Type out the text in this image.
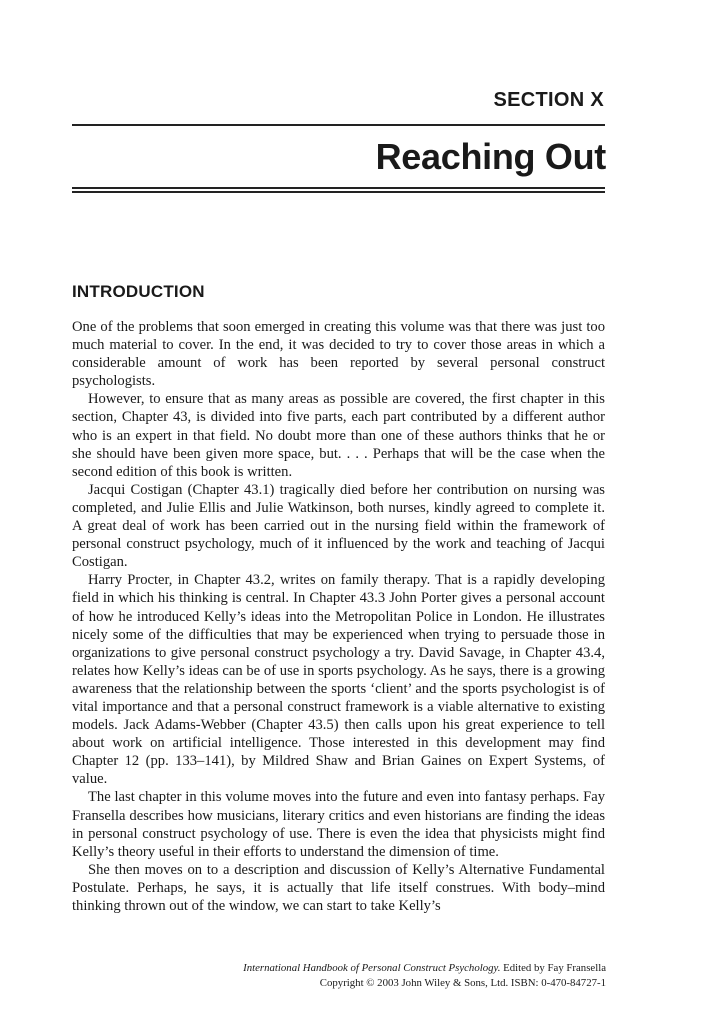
SECTION X
Reaching Out
INTRODUCTION

One of the problems that soon emerged in creating this volume was that there was just too much material to cover. In the end, it was decided to try to cover those areas in which a considerable amount of work has been reported by several personal construct psychologists.

However, to ensure that as many areas as possible are covered, the first chapter in this section, Chapter 43, is divided into five parts, each part contributed by a different author who is an expert in that field. No doubt more than one of these authors thinks that he or she should have been given more space, but. . . . Perhaps that will be the case when the second edition of this book is written.

Jacqui Costigan (Chapter 43.1) tragically died before her contribution on nursing was completed, and Julie Ellis and Julie Watkinson, both nurses, kindly agreed to complete it. A great deal of work has been carried out in the nursing field within the framework of personal construct psychology, much of it influenced by the work and teaching of Jacqui Costigan.

Harry Procter, in Chapter 43.2, writes on family therapy. That is a rapidly developing field in which his thinking is central. In Chapter 43.3 John Porter gives a personal account of how he introduced Kelly’s ideas into the Metropolitan Police in London. He illustrates nicely some of the difficulties that may be experienced when trying to persuade those in organizations to give personal construct psychology a try. David Savage, in Chapter 43.4, relates how Kelly’s ideas can be of use in sports psychology. As he says, there is a growing awareness that the relationship between the sports ‘client’ and the sports psychologist is of vital importance and that a personal construct framework is a viable alternative to existing models. Jack Adams-Webber (Chapter 43.5) then calls upon his great experience to tell about work on artificial intelligence. Those interested in this development may find Chapter 12 (pp. 133–141), by Mildred Shaw and Brian Gaines on Expert Systems, of value.

The last chapter in this volume moves into the future and even into fantasy perhaps. Fay Fransella describes how musicians, literary critics and even historians are finding the ideas in personal construct psychology of use. There is even the idea that physicists might find Kelly’s theory useful in their efforts to understand the dimension of time.

She then moves on to a description and discussion of Kelly’s Alternative Fundamental Postulate. Perhaps, he says, it is actually that life itself construes. With body–mind thinking thrown out of the window, we can start to take Kelly’s

International Handbook of Personal Construct Psychology. Edited by Fay Fransella
Copyright © 2003 John Wiley & Sons, Ltd. ISBN: 0-470-84727-1
